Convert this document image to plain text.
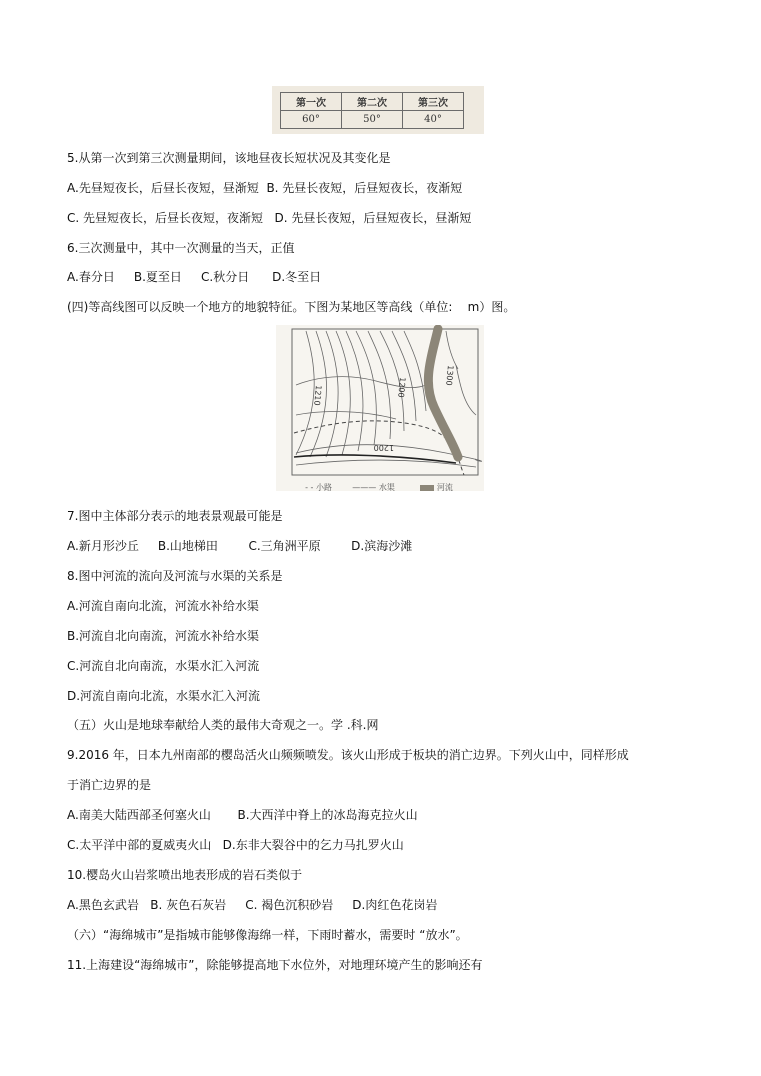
第一次	第二次	第三次
60°	50°	40°
5.从第一次到第三次测量期间，该地昼夜长短状况及其变化是
A.先昼短夜长，后昼长夜短，昼渐短  B. 先昼长夜短，后昼短夜长，夜渐短
C. 先昼短夜长，后昼长夜短，夜渐短   D. 先昼长夜短，后昼短夜长，昼渐短
6.三次测量中，其中一次测量的当天，正值
A.春分日     B.夏至日     C.秋分日      D.冬至日
(四)等高线图可以反映一个地方的地貌特征。下图为某地区等高线（单位:    m）图。
1210	1200
1200
1300

- - 小路        ——— 水渠	河流

7.图中主体部分表示的地表景观最可能是
A.新月形沙丘     B.山地梯田        C.三角洲平原        D.滨海沙滩
8.图中河流的流向及河流与水渠的关系是
A.河流自南向北流，河流水补给水渠
B.河流自北向南流，河流水补给水渠
C.河流自北向南流，水渠水汇入河流
D.河流自南向北流，水渠水汇入河流
（五）火山是地球奉献给人类的最伟大奇观之一。学 .科.网
9.2016 年，日本九州南部的樱岛活火山频频喷发。该火山形成于板块的消亡边界。下列火山中，同样形成
于消亡边界的是
A.南美大陆西部圣何塞火山       B.大西洋中脊上的冰岛海克拉火山
C.太平洋中部的夏威夷火山   D.东非大裂谷中的乞力马扎罗火山
10.樱岛火山岩浆喷出地表形成的岩石类似于
A.黑色玄武岩   B. 灰色石灰岩     C. 褐色沉积砂岩     D.肉红色花岗岩
（六）“海绵城市”是指城市能够像海绵一样，下雨时蓄水，需要时 “放水”。
11.上海建设“海绵城市”，除能够提高地下水位外，对地理环境产生的影响还有
